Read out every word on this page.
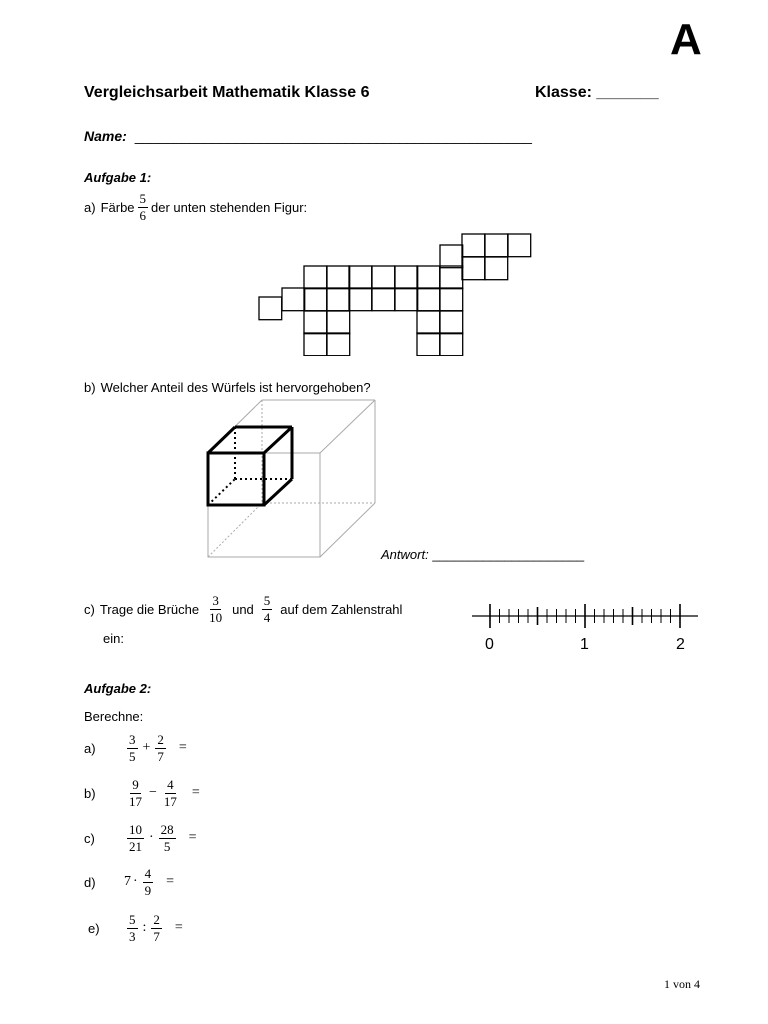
A
Vergleichsarbeit Mathematik Klasse 6	Klasse: _______
Name: ___________________________________________________
Aufgabe 1:
a) Färbe $\frac{5}{6}$ der unten stehenden Figur:
b) Welcher Anteil des Würfels ist hervorgehoben?
Antwort: _____________________
c) Trage die Brüche $\frac{3}{10}$ und $\frac{5}{4}$ auf dem Zahlenstrahl
ein:	0	1	2
Aufgabe 2:
Berechne:
a)	$\frac{3}{5} + \frac{2}{7}$ =
b)	$\frac{9}{17} - \frac{4}{17}$ =
c)	$\frac{10}{21} \cdot \frac{28}{5}$ =
d)	$7 \cdot \frac{4}{9}$ =
e)	$\frac{5}{3}$ : $\frac{2}{7}$ =
1 von 4
